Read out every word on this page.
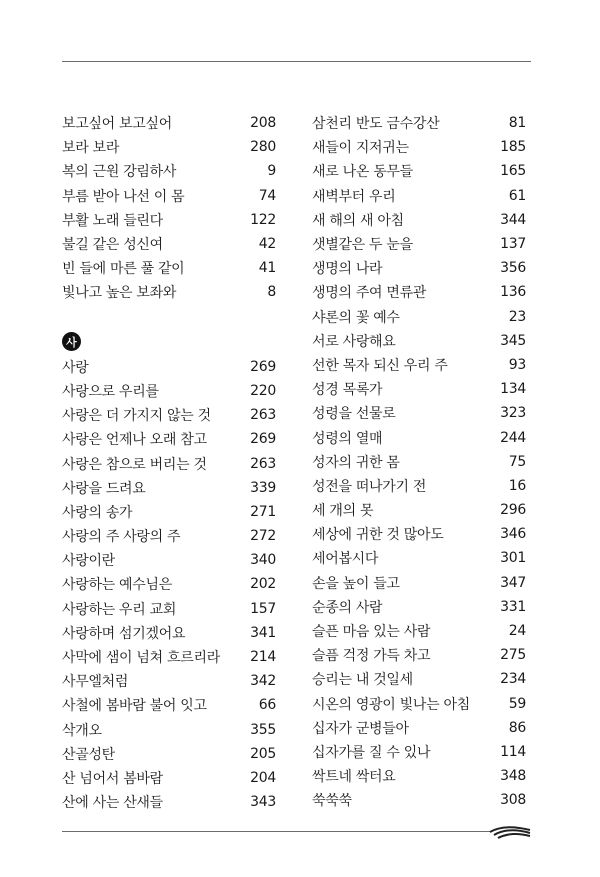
보고싶어 보고싶어	208
보라 보라	280
복의 근원 강림하사	9
부름 받아 나선 이 몸	74
부활 노래 들린다	122
불길 같은 성신여	42
빈 들에 마른 풀 같이	41
빛나고 높은 보좌와	8
사
사랑	269
사랑으로 우리를	220
사랑은 더 가지지 않는 것	263
사랑은 언제나 오래 참고	269
사랑은 참으로 버리는 것	263
사랑을 드려요	339
사랑의 송가	271
사랑의 주 사랑의 주	272
사랑이란	340
사랑하는 예수님은	202
사랑하는 우리 교회	157
사랑하며 섬기겠어요	341
사막에 샘이 넘쳐 흐르리라	214
사무엘처럼	342
사철에 봄바람 불어 잇고	66
삭개오	355
산골성탄	205
산 넘어서 봄바람	204
산에 사는 산새들	343
삼천리 반도 금수강산	81
새들이 지저귀는	185
새로 나온 동무들	165
새벽부터 우리	61
새 해의 새 아침	344
샛별같은 두 눈을	137
생명의 나라	356
생명의 주여 면류관	136
샤론의 꽃 예수	23
서로 사랑해요	345
선한 목자 되신 우리 주	93
성경 목록가	134
성령을 선물로	323
성령의 열매	244
성자의 귀한 몸	75
성전을 떠나가기 전	16
세 개의 못	296
세상에 귀한 것 많아도	346
세어봅시다	301
손을 높이 들고	347
순종의 사람	331
슬픈 마음 있는 사람	24
슬픔 걱정 가득 차고	275
승리는 내 것일세	234
시온의 영광이 빛나는 아침	59
십자가 군병들아	86
십자가를 질 수 있나	114
싹트네 싹터요	348
쑥쑥쑥	308
